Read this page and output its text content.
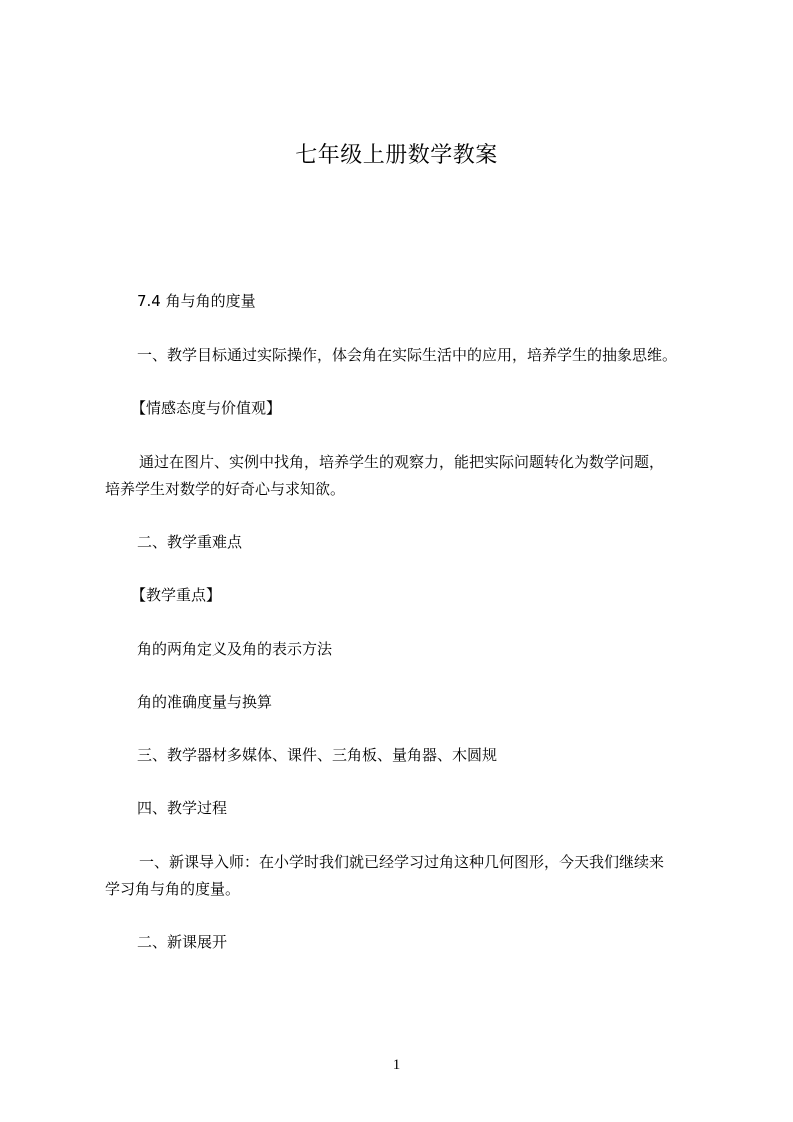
七年级上册数学教案
7.4 角与角的度量
一、教学目标通过实际操作，体会角在实际生活中的应用，培养学生的抽象思维。
【情感态度与价值观】
通过在图片、实例中找角，培养学生的观察力，能把实际问题转化为数学问题，
培养学生对数学的好奇心与求知欲。
二、教学重难点
【教学重点】
角的两角定义及角的表示方法
角的准确度量与换算
三、教学器材多媒体、课件、三角板、量角器、木圆规
四、教学过程
一、新课导入师：在小学时我们就已经学习过角这种几何图形，今天我们继续来
学习角与角的度量。
二、新课展开
1
